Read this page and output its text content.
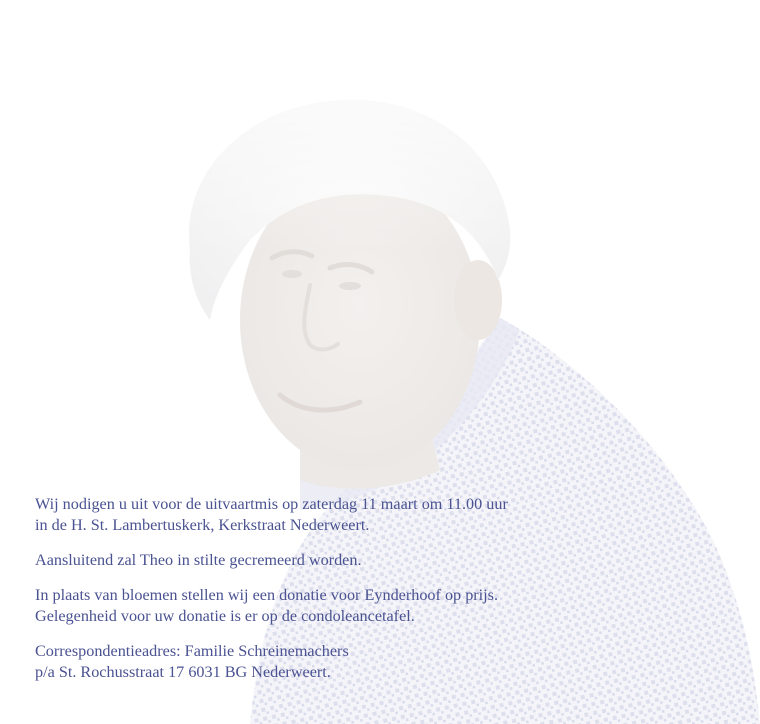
Wij nodigen u uit voor de uitvaartmis op zaterdag 11 maart om 11.00 uur
in de H. St. Lambertuskerk, Kerkstraat Nederweert.

Aansluitend zal Theo in stilte gecremeerd worden.

In plaats van bloemen stellen wij een donatie voor Eynderhoof op prijs.
Gelegenheid voor uw donatie is er op de condoleancetafel.

Correspondentieadres: Familie Schreinemachers
p/a St. Rochusstraat 17 6031 BG Nederweert.
